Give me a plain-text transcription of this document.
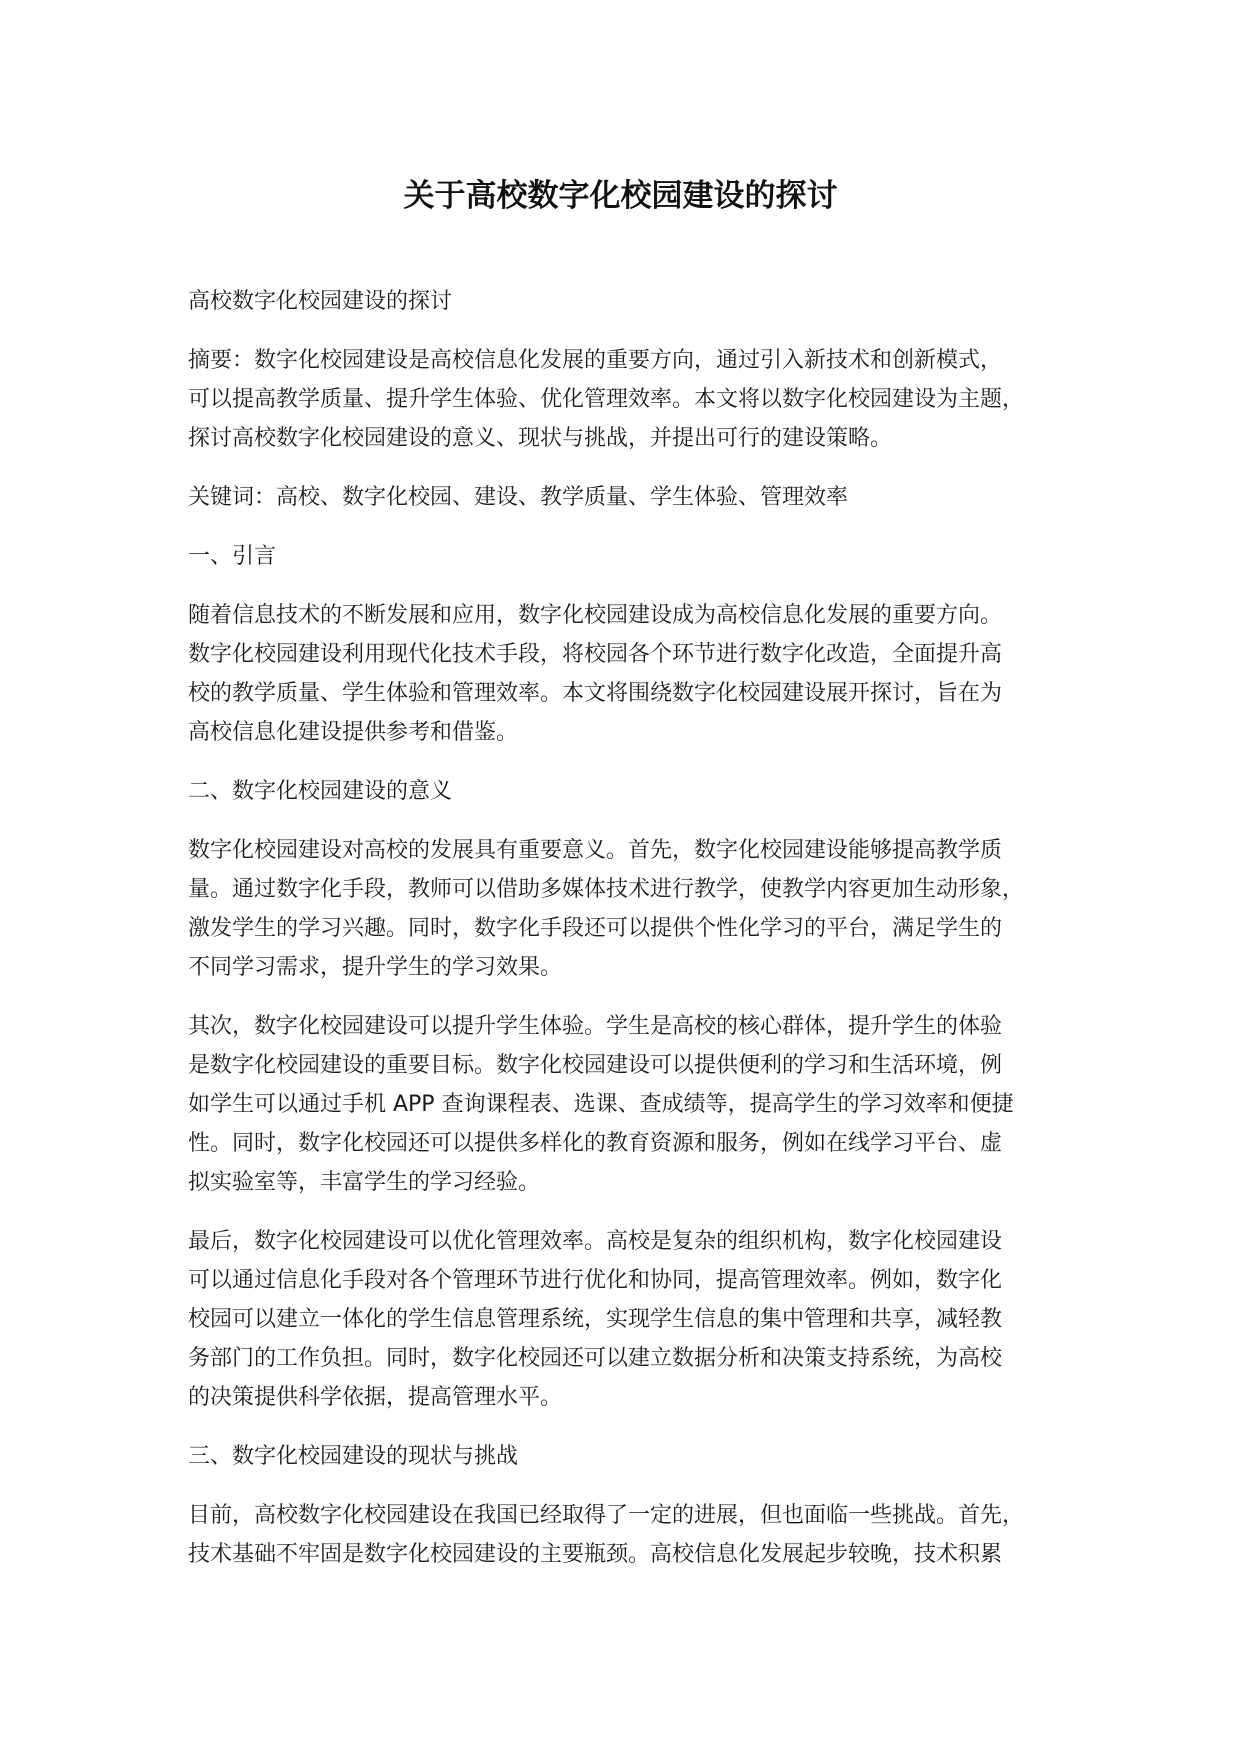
关于高校数字化校园建设的探讨
高校数字化校园建设的探讨
摘要：数字化校园建设是高校信息化发展的重要方向，通过引入新技术和创新模式，
可以提高教学质量、提升学生体验、优化管理效率。本文将以数字化校园建设为主题，
探讨高校数字化校园建设的意义、现状与挑战，并提出可行的建设策略。
关键词：高校、数字化校园、建设、教学质量、学生体验、管理效率
一、引言
随着信息技术的不断发展和应用，数字化校园建设成为高校信息化发展的重要方向。
数字化校园建设利用现代化技术手段，将校园各个环节进行数字化改造，全面提升高
校的教学质量、学生体验和管理效率。本文将围绕数字化校园建设展开探讨，旨在为
高校信息化建设提供参考和借鉴。
二、数字化校园建设的意义
数字化校园建设对高校的发展具有重要意义。首先，数字化校园建设能够提高教学质
量。通过数字化手段，教师可以借助多媒体技术进行教学，使教学内容更加生动形象，
激发学生的学习兴趣。同时，数字化手段还可以提供个性化学习的平台，满足学生的
不同学习需求，提升学生的学习效果。
其次，数字化校园建设可以提升学生体验。学生是高校的核心群体，提升学生的体验
是数字化校园建设的重要目标。数字化校园建设可以提供便利的学习和生活环境，例
如学生可以通过手机 APP 查询课程表、选课、查成绩等，提高学生的学习效率和便捷
性。同时，数字化校园还可以提供多样化的教育资源和服务，例如在线学习平台、虚
拟实验室等，丰富学生的学习经验。
最后，数字化校园建设可以优化管理效率。高校是复杂的组织机构，数字化校园建设
可以通过信息化手段对各个管理环节进行优化和协同，提高管理效率。例如，数字化
校园可以建立一体化的学生信息管理系统，实现学生信息的集中管理和共享，减轻教
务部门的工作负担。同时，数字化校园还可以建立数据分析和决策支持系统，为高校
的决策提供科学依据，提高管理水平。
三、数字化校园建设的现状与挑战
目前，高校数字化校园建设在我国已经取得了一定的进展，但也面临一些挑战。首先，
技术基础不牢固是数字化校园建设的主要瓶颈。高校信息化发展起步较晚，技术积累
